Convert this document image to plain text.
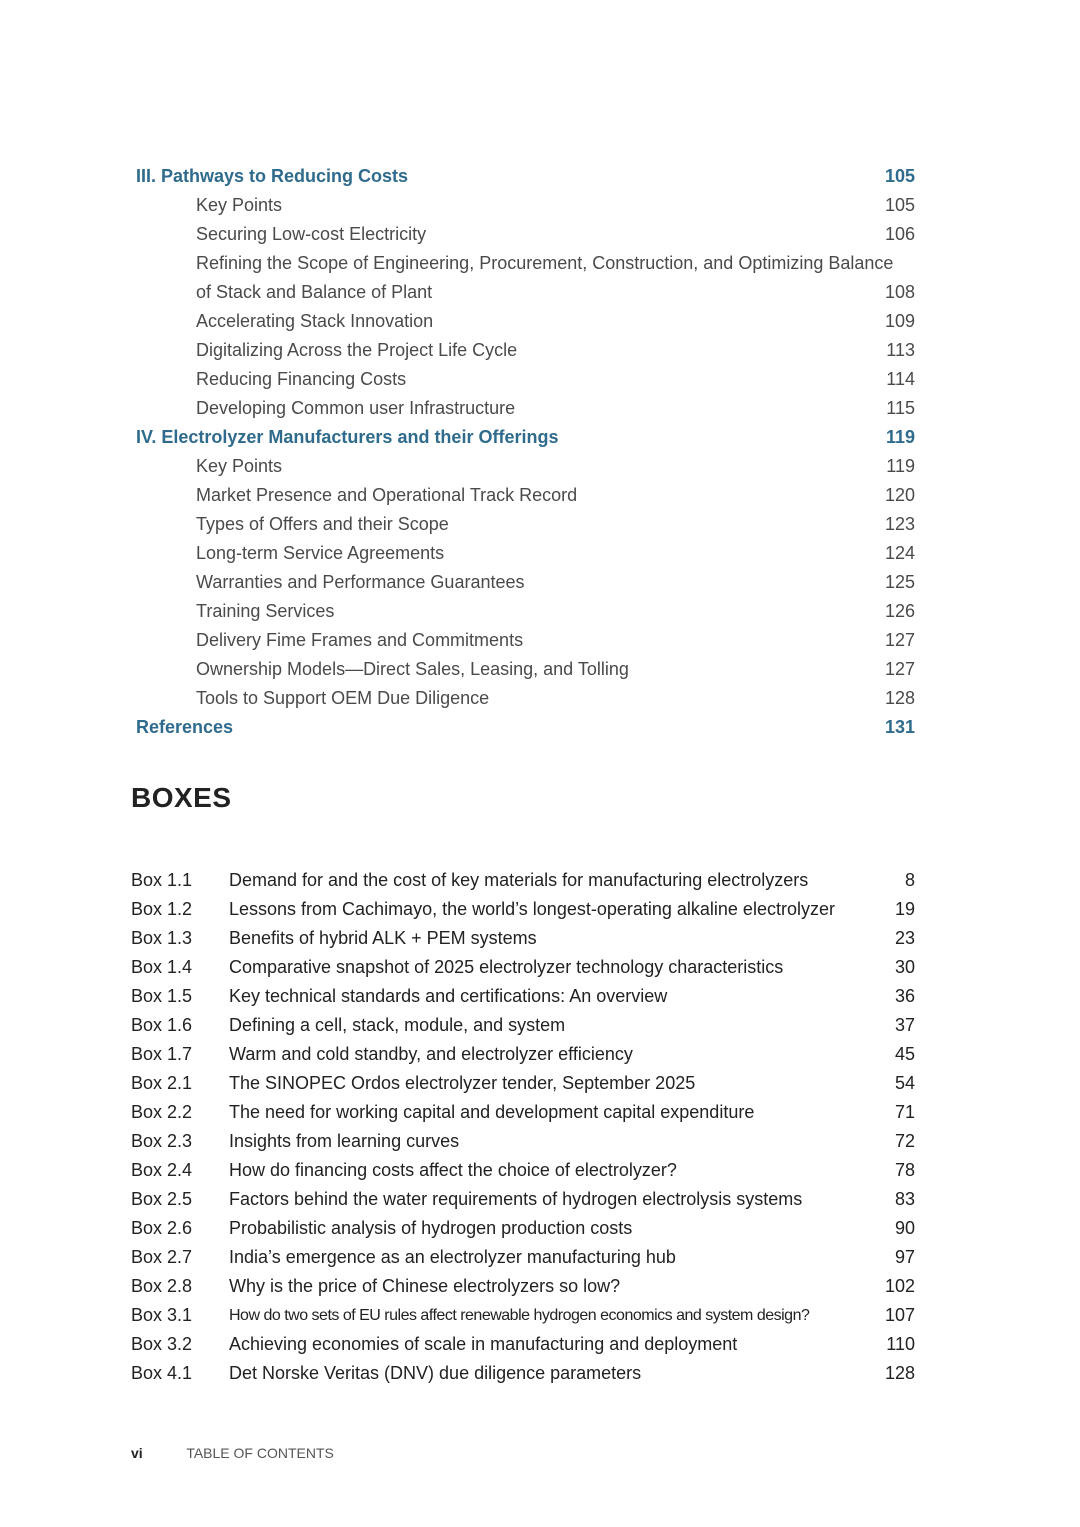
III. Pathways to Reducing Costs	105
Key Points	105
Securing Low-cost Electricity	106
Refining the Scope of Engineering, Procurement, Construction, and Optimizing Balance
of Stack and Balance of Plant	108
Accelerating Stack Innovation	109
Digitalizing Across the Project Life Cycle	113
Reducing Financing Costs	114
Developing Common user Infrastructure	115
IV. Electrolyzer Manufacturers and their Offerings	119
Key Points	119
Market Presence and Operational Track Record	120
Types of Offers and their Scope	123
Long-term Service Agreements	124
Warranties and Performance Guarantees	125
Training Services	126
Delivery Fime Frames and Commitments	127
Ownership Models—Direct Sales, Leasing, and Tolling	127
Tools to Support OEM Due Diligence	128
References	131
BOXES
Box 1.1 Demand for and the cost of key materials for manufacturing electrolyzers	8
Box 1.2 Lessons from Cachimayo, the world’s longest-operating alkaline electrolyzer	19
Box 1.3 Benefits of hybrid ALK + PEM systems	23
Box 1.4 Comparative snapshot of 2025 electrolyzer technology characteristics	30
Box 1.5 Key technical standards and certifications: An overview	36
Box 1.6 Defining a cell, stack, module, and system	37
Box 1.7 Warm and cold standby, and electrolyzer efficiency	45
Box 2.1 The SINOPEC Ordos electrolyzer tender, September 2025	54
Box 2.2 The need for working capital and development capital expenditure	71
Box 2.3 Insights from learning curves	72
Box 2.4 How do financing costs affect the choice of electrolyzer?	78
Box 2.5 Factors behind the water requirements of hydrogen electrolysis systems	83
Box 2.6 Probabilistic analysis of hydrogen production costs	90
Box 2.7 India’s emergence as an electrolyzer manufacturing hub	97
Box 2.8 Why is the price of Chinese electrolyzers so low?	102
Box 3.1 How do two sets of EU rules affect renewable hydrogen economics and system design?	107
Box 3.2 Achieving economies of scale in manufacturing and deployment	110
Box 4.1 Det Norske Veritas (DNV) due diligence parameters	128
vi	TABLE OF CONTENTS
